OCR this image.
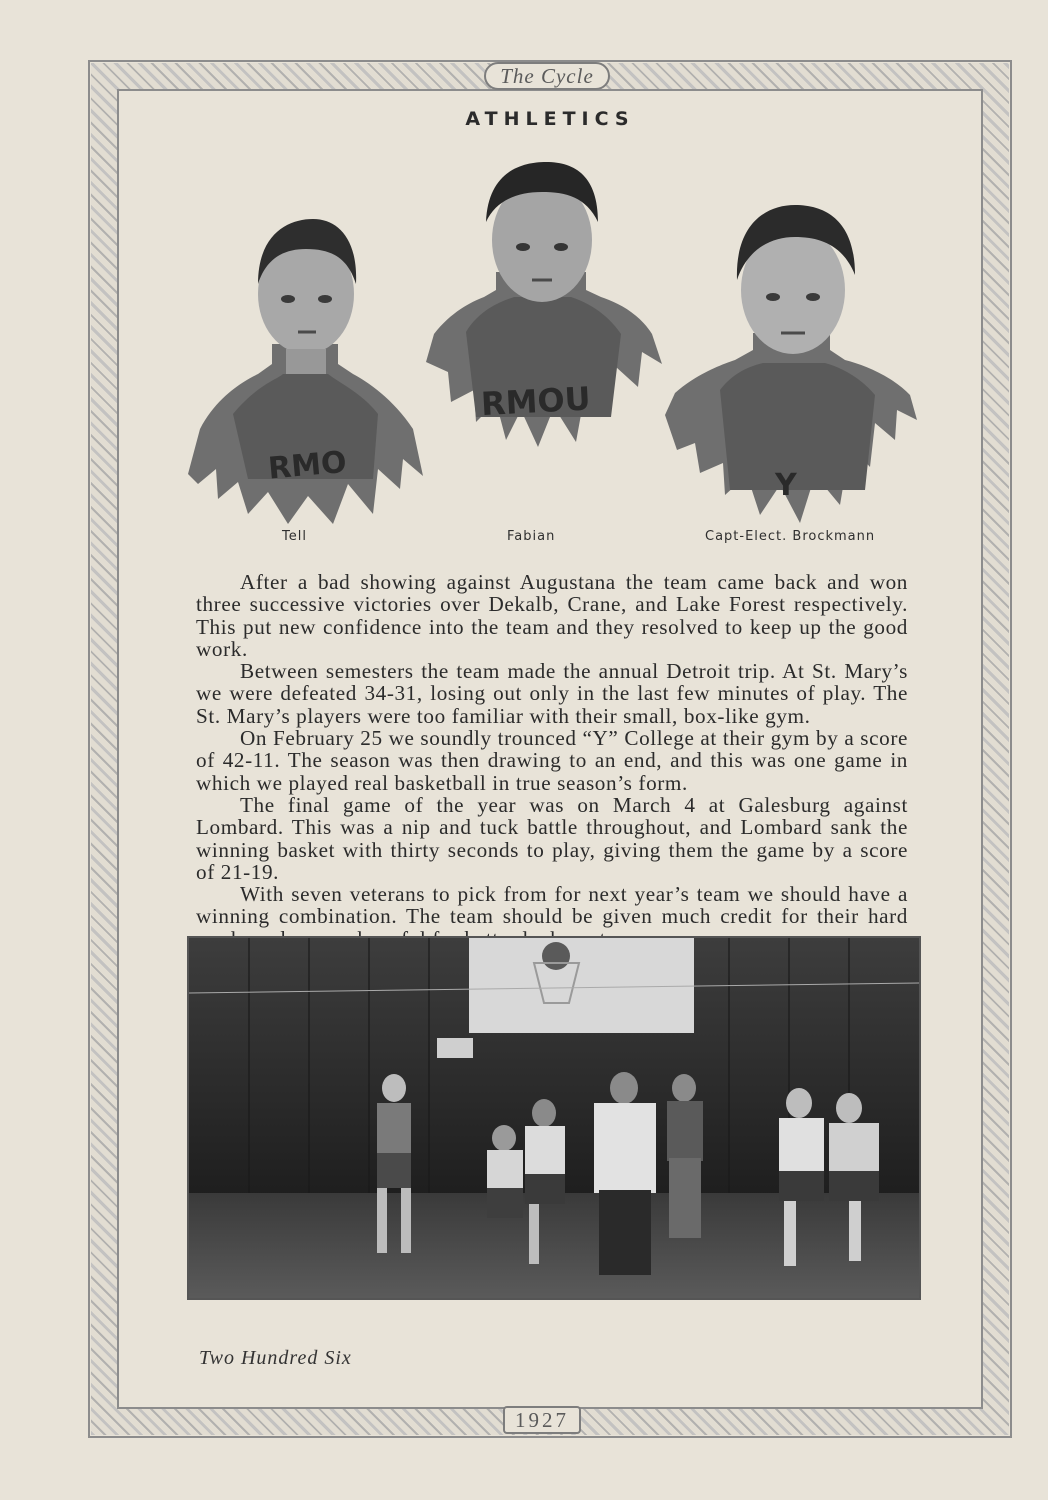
The Cycle
1927
ATHLETICS
RMO
Tell
RMOU
Fabian
Y
Capt-Elect. Brockmann

After a bad showing against Augustana the team came back and won three successive victories over Dekalb, Crane, and Lake Forest respectively. This put new confidence into the team and they resolved to keep up the good work.

Between semesters the team made the annual Detroit trip. At St. Mary’s we were defeated 34-31, losing out only in the last few minutes of play. The St. Mary’s players were too familiar with their small, box-like gym.

On February 25 we soundly trounced “Y” College at their gym by a score of 42-11. The season was then drawing to an end, and this was one game in which we played real basketball in true season’s form.

The final game of the year was on March 4 at Galesburg against Lombard. This was a nip and tuck battle throughout, and Lombard sank the winning basket with thirty seconds to play, giving them the game by a score of 21-19.

With seven veterans to pick from for next year’s team we should have a winning combination. The team should be given much credit for their hard

Two Hundred Six
